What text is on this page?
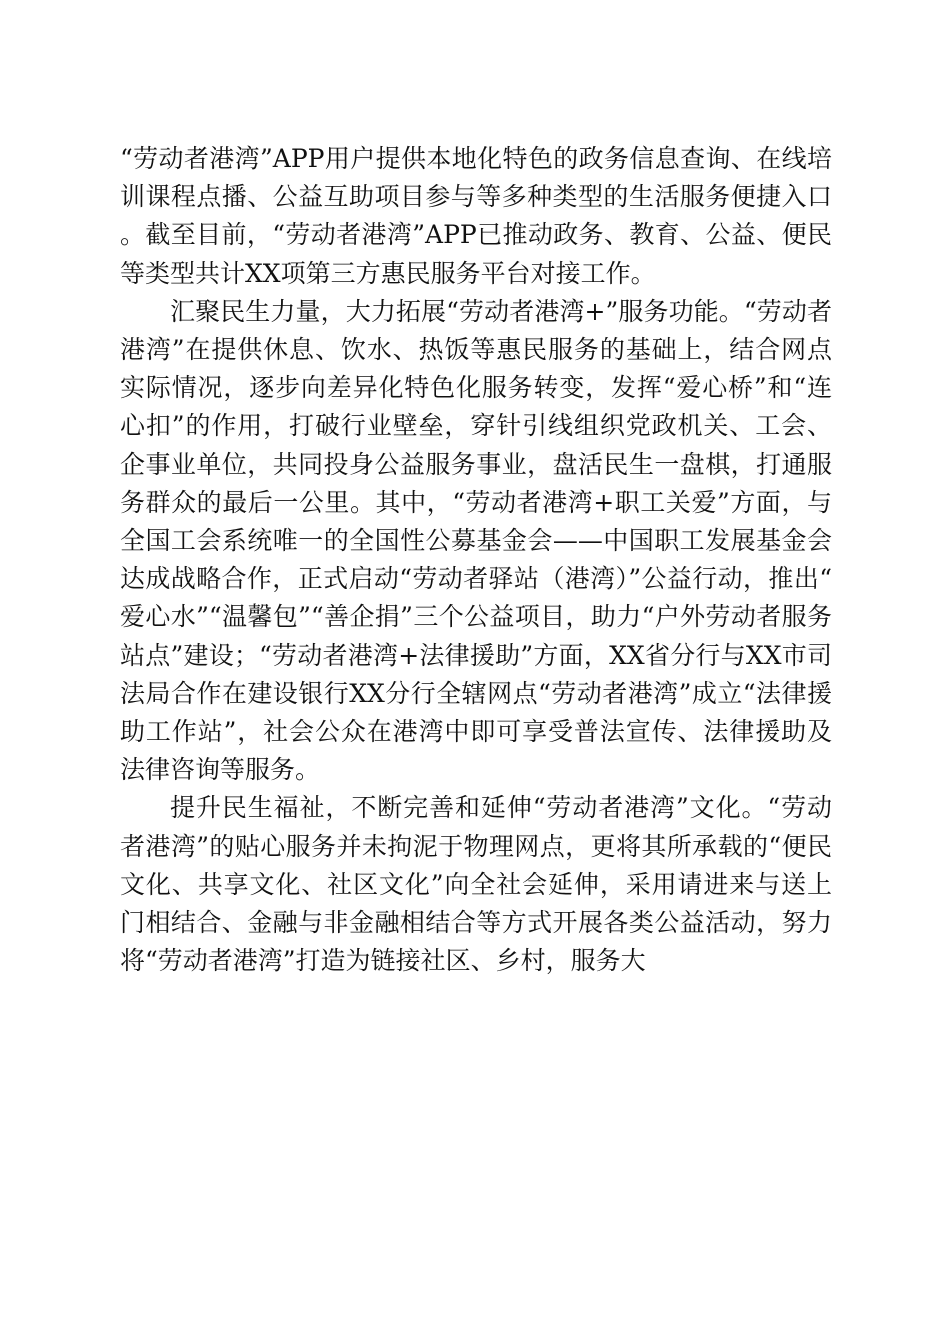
“劳动者港湾”APP用户提供本地化特色的政务信息查询、在线培训课程点播、公益互助项目参与等多种类型的生活服务便捷入口。截至目前，“劳动者港湾”APP已推动政务、教育、公益、便民等类型共计XX项第三方惠民服务平台对接工作。

汇聚民生力量，大力拓展“劳动者港湾+”服务功能。“劳动者港湾”在提供休息、饮水、热饭等惠民服务的基础上，结合网点实际情况，逐步向差异化特色化服务转变，发挥“爱心桥”和“连心扣”的作用，打破行业壁垒，穿针引线组织党政机关、工会、企事业单位，共同投身公益服务事业，盘活民生一盘棋，打通服务群众的最后一公里。其中，“劳动者港湾+职工关爱”方面，与全国工会系统唯一的全国性公募基金会——中国职工发展基金会达成战略合作，正式启动“劳动者驿站（港湾）”公益行动，推出“爱心水”“温馨包”“善企捐”三个公益项目，助力“户外劳动者服务站点”建设；“劳动者港湾+法律援助”方面，XX省分行与XX市司法局合作在建设银行XX分行全辖网点“劳动者港湾”成立“法律援助工作站”，社会公众在港湾中即可享受普法宣传、法律援助及法律咨询等服务。

提升民生福祉，不断完善和延伸“劳动者港湾”文化。“劳动者港湾”的贴心服务并未拘泥于物理网点，更将其所承载的“便民文化、共享文化、社区文化”向全社会延伸，采用请进来与送上门相结合、金融与非金融相结合等方式开展各类公益活动，努力将“劳动者港湾”打造为链接社区、乡村，服务大
